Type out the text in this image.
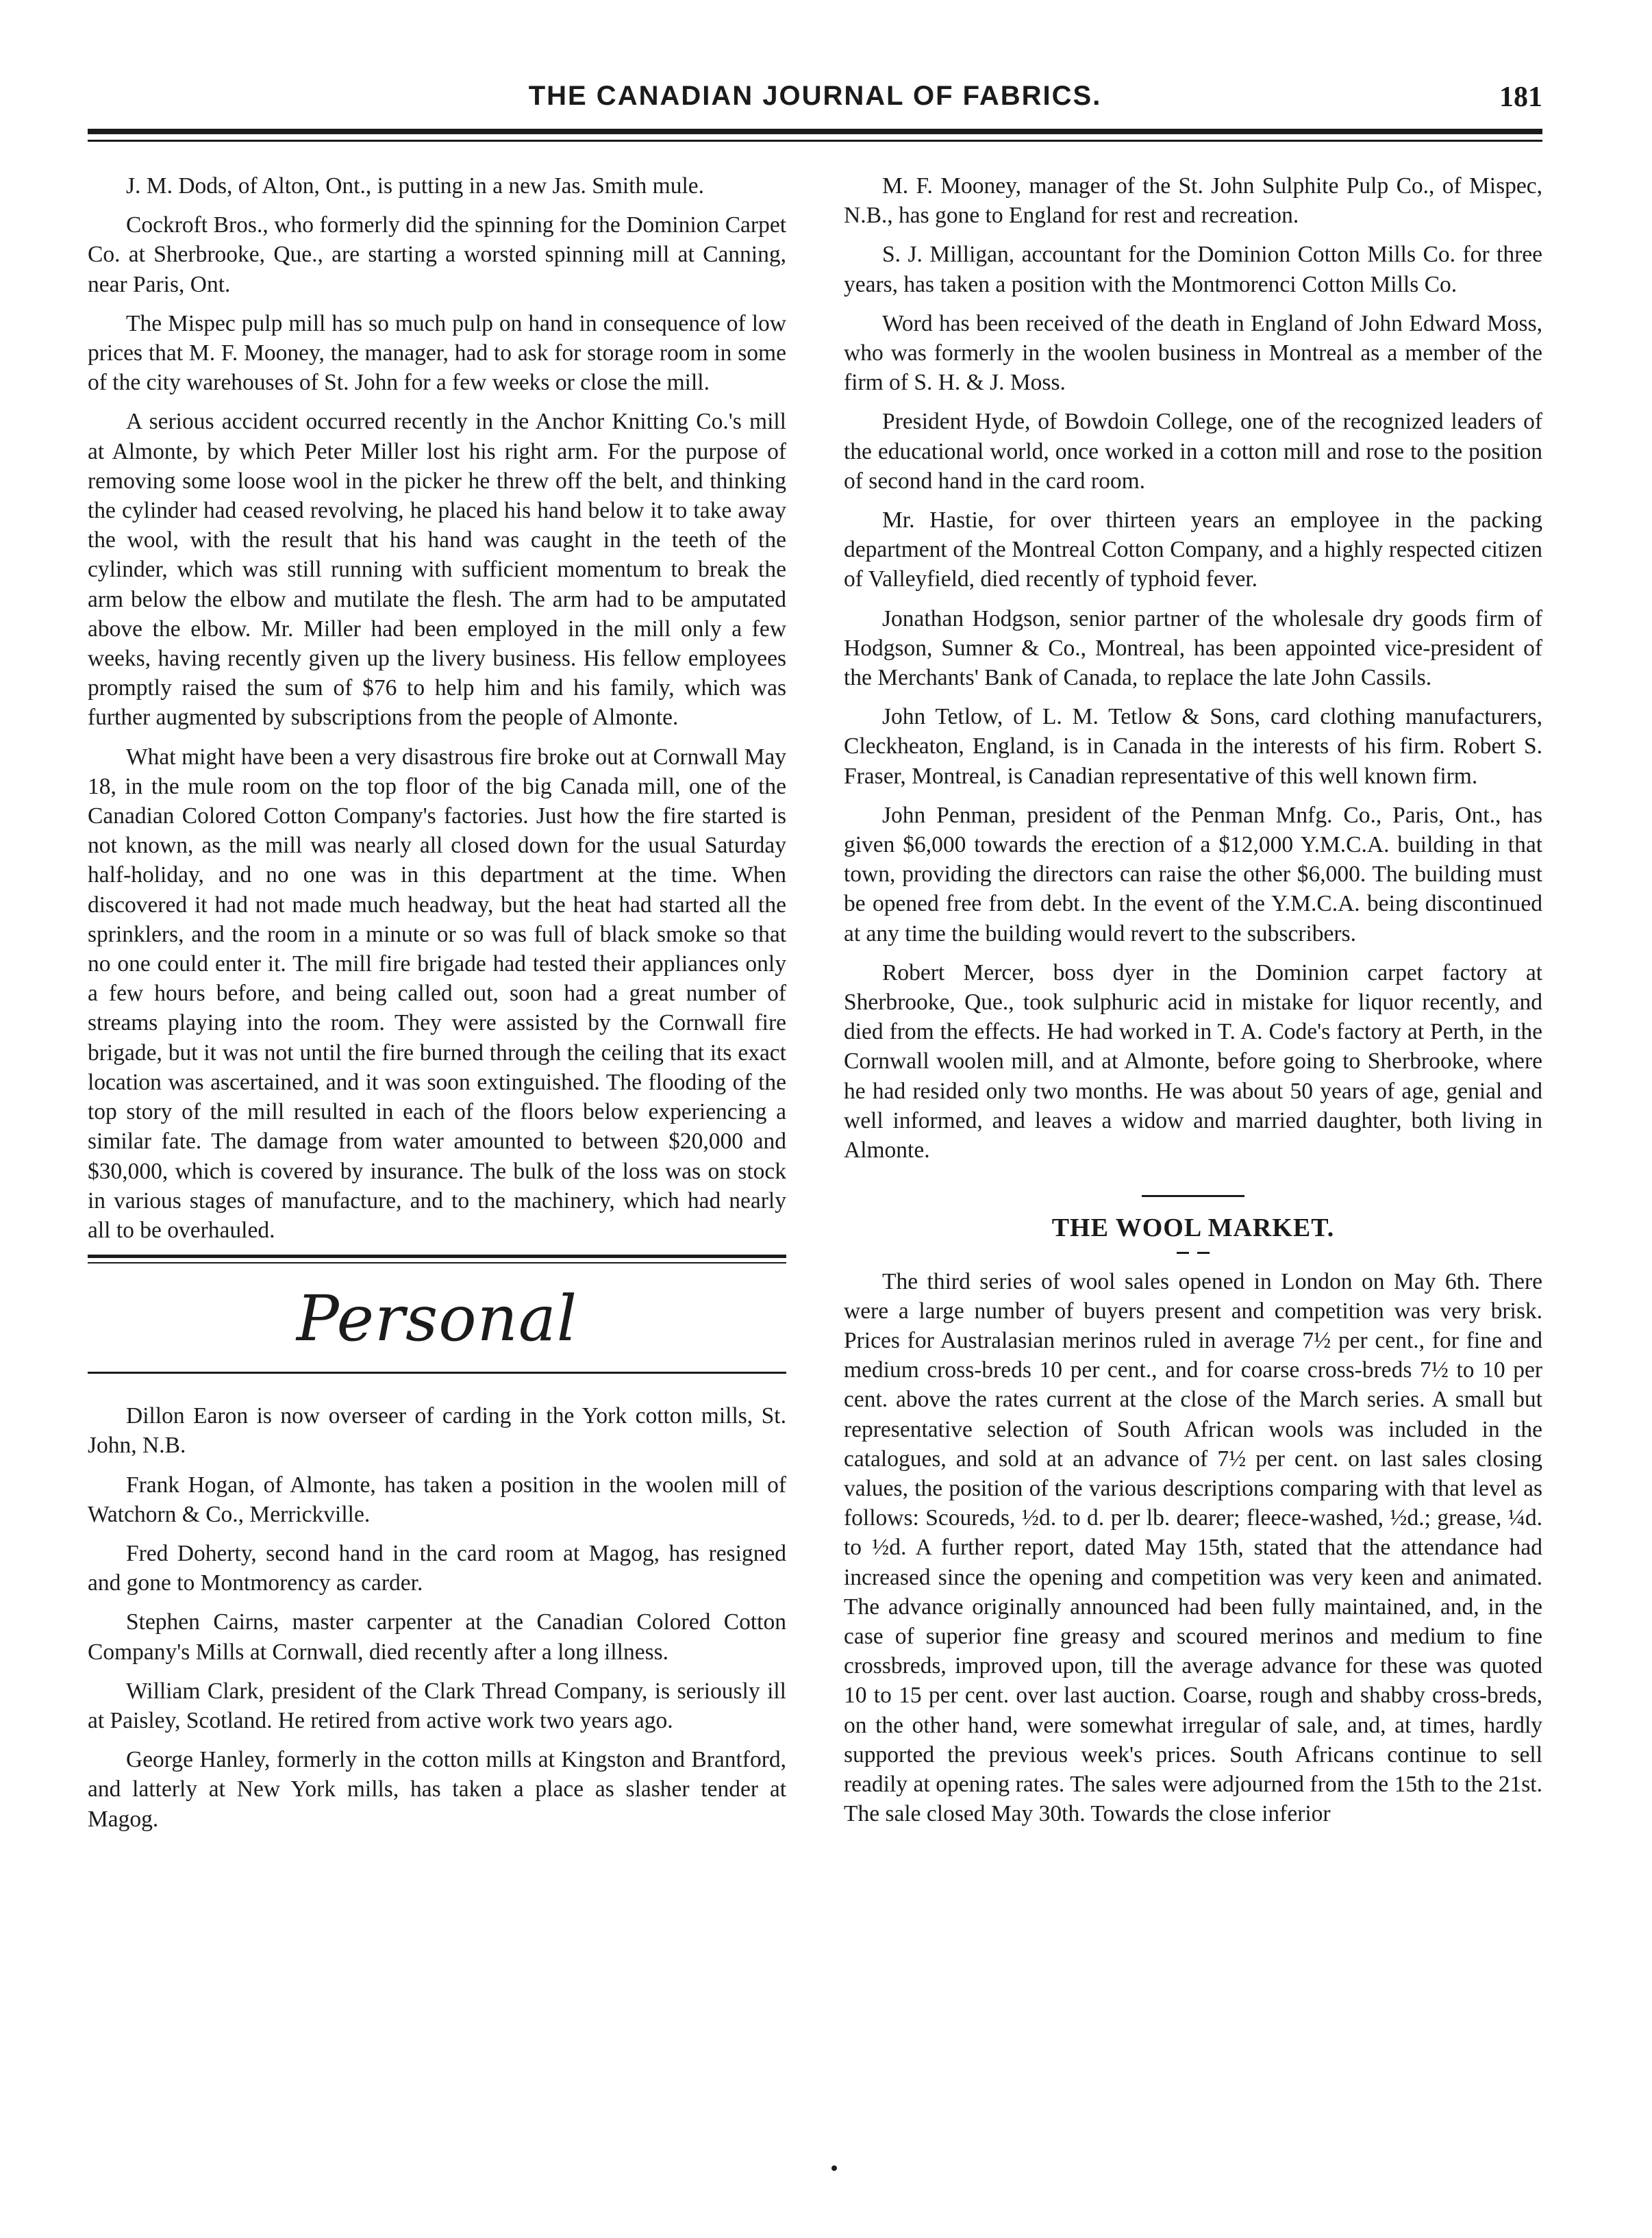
THE CANADIAN JOURNAL OF FABRICS.	181

J. M. Dods, of Alton, Ont., is putting in a new Jas. Smith mule.

Cockroft Bros., who formerly did the spinning for the Dominion Carpet Co. at Sherbrooke, Que., are starting a worsted spinning mill at Canning, near Paris, Ont.

The Mispec pulp mill has so much pulp on hand in consequence of low prices that M. F. Mooney, the manager, had to ask for storage room in some of the city warehouses of St. John for a few weeks or close the mill.

A serious accident occurred recently in the Anchor Knitting Co.'s mill at Almonte, by which Peter Miller lost his right arm. For the purpose of removing some loose wool in the picker he threw off the belt, and thinking the cylinder had ceased revolving, he placed his hand below it to take away the wool, with the result that his hand was caught in the teeth of the cylinder, which was still running with sufficient momentum to break the arm below the elbow and mutilate the flesh. The arm had to be amputated above the elbow. Mr. Miller had been employed in the mill only a few weeks, having recently given up the livery business. His fellow employees promptly raised the sum of $76 to help him and his family, which was further augmented by subscriptions from the people of Almonte.

What might have been a very disastrous fire broke out at Cornwall May 18, in the mule room on the top floor of the big Canada mill, one of the Canadian Colored Cotton Company's factories. Just how the fire started is not known, as the mill was nearly all closed down for the usual Saturday half-holiday, and no one was in this department at the time. When discovered it had not made much headway, but the heat had started all the sprinklers, and the room in a minute or so was full of black smoke so that no one could enter it. The mill fire brigade had tested their appliances only a few hours before, and being called out, soon had a great number of streams playing into the room. They were assisted by the Cornwall fire brigade, but it was not until the fire burned through the ceiling that its exact location was ascertained, and it was soon extinguished. The flooding of the top story of the mill resulted in each of the floors below experiencing a similar fate. The damage from water amounted to between $20,000 and $30,000, which is covered by insurance. The bulk of the loss was on stock in various stages of manufacture, and to the machinery, which had nearly all to be overhauled.

Personal

Dillon Earon is now overseer of carding in the York cotton mills, St. John, N.B.

Frank Hogan, of Almonte, has taken a position in the woolen mill of Watchorn & Co., Merrickville.

Fred Doherty, second hand in the card room at Magog, has resigned and gone to Montmorency as carder.

Stephen Cairns, master carpenter at the Canadian Colored Cotton Company's Mills at Cornwall, died recently after a long illness.

William Clark, president of the Clark Thread Company, is seriously ill at Paisley, Scotland. He retired from active work two years ago.

George Hanley, formerly in the cotton mills at Kingston and Brantford, and latterly at New York mills, has taken a place as slasher tender at Magog.

M. F. Mooney, manager of the St. John Sulphite Pulp Co., of Mispec, N.B., has gone to England for rest and recreation.

S. J. Milligan, accountant for the Dominion Cotton Mills Co. for three years, has taken a position with the Montmorenci Cotton Mills Co.

Word has been received of the death in England of John Edward Moss, who was formerly in the woolen business in Montreal as a member of the firm of S. H. & J. Moss.

President Hyde, of Bowdoin College, one of the recognized leaders of the educational world, once worked in a cotton mill and rose to the position of second hand in the card room.

Mr. Hastie, for over thirteen years an employee in the packing department of the Montreal Cotton Company, and a highly respected citizen of Valleyfield, died recently of typhoid fever.

Jonathan Hodgson, senior partner of the wholesale dry goods firm of Hodgson, Sumner & Co., Montreal, has been appointed vice-president of the Merchants' Bank of Canada, to replace the late John Cassils.

John Tetlow, of L. M. Tetlow & Sons, card clothing manufacturers, Cleckheaton, England, is in Canada in the interests of his firm. Robert S. Fraser, Montreal, is Canadian representative of this well known firm.

John Penman, president of the Penman Mnfg. Co., Paris, Ont., has given $6,000 towards the erection of a $12,000 Y.M.C.A. building in that town, providing the directors can raise the other $6,000. The building must be opened free from debt. In the event of the Y.M.C.A. being discontinued at any time the building would revert to the subscribers.

Robert Mercer, boss dyer in the Dominion carpet factory at Sherbrooke, Que., took sulphuric acid in mistake for liquor recently, and died from the effects. He had worked in T. A. Code's factory at Perth, in the Cornwall woolen mill, and at Almonte, before going to Sherbrooke, where he had resided only two months. He was about 50 years of age, genial and well informed, and leaves a widow and married daughter, both living in Almonte.

THE WOOL MARKET.

The third series of wool sales opened in London on May 6th. There were a large number of buyers present and competition was very brisk. Prices for Australasian merinos ruled in average 7½ per cent., for fine and medium cross-breds 10 per cent., and for coarse cross-breds 7½ to 10 per cent. above the rates current at the close of the March series. A small but representative selection of South African wools was included in the catalogues, and sold at an advance of 7½ per cent. on last sales closing values, the position of the various descriptions comparing with that level as follows: Scoureds, ½d. to d. per lb. dearer; fleece-washed, ½d.; grease, ¼d. to ½d. A further report, dated May 15th, stated that the attendance had increased since the opening and competition was very keen and animated. The advance originally announced had been fully maintained, and, in the case of superior fine greasy and scoured merinos and medium to fine crossbreds, improved upon, till the average advance for these was quoted 10 to 15 per cent. over last auction. Coarse, rough and shabby cross-breds, on the other hand, were somewhat irregular of sale, and, at times, hardly supported the previous week's prices. South Africans continue to sell readily at opening rates. The sales were adjourned from the 15th to the 21st. The sale closed May 30th. Towards the close inferior
